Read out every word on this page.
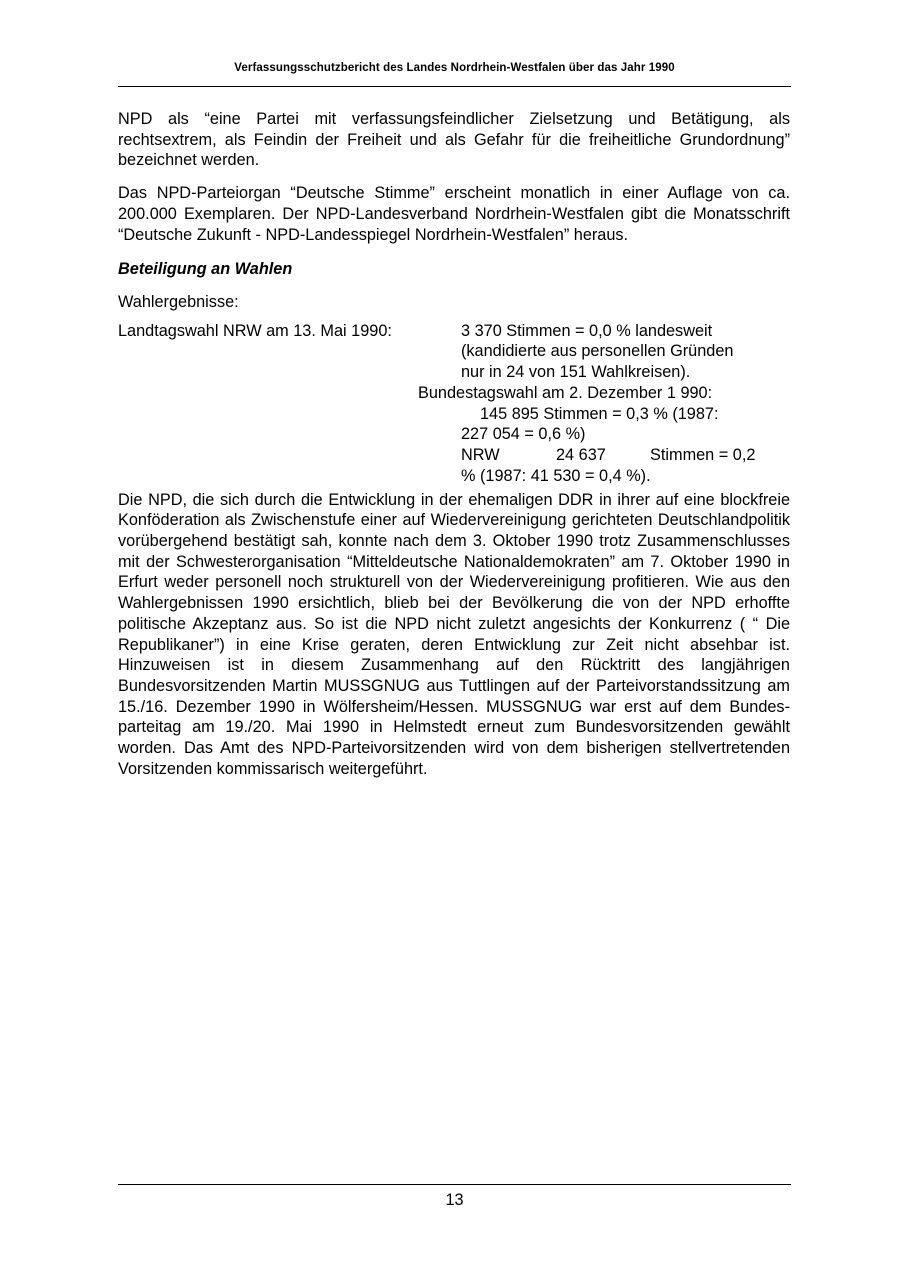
Verfassungsschutzbericht des Landes Nordrhein-Westfalen über das Jahr 1990

NPD als “eine Partei mit verfassungsfeindlicher Zielsetzung und Betätigung, als rechtsextrem, als Feindin der Freiheit und als Gefahr für die freiheitliche Grundordnung” bezeichnet werden.

Das NPD-Parteiorgan “Deutsche Stimme” erscheint monatlich in einer Auflage von ca. 200.000 Exemplaren. Der NPD-Landesverband Nordrhein-Westfalen gibt die Monatsschrift “Deutsche Zukunft - NPD-Landesspiegel Nordrhein-Westfalen” heraus.

Beteiligung an Wahlen

Wahlergebnisse:

Landtagswahl NRW am 13. Mai 1990:	3 370 Stimmen = 0,0 % landesweit
(kandidierte aus personellen Gründen
nur in 24 von 151 Wahlkreisen).
Bundestagswahl am 2. Dezember 1 990:
145 895 Stimmen = 0,3 % (1987:
227 054 = 0,6 %)
NRW	24 637	Stimmen = 0,2
% (1987: 41 530 = 0,4 %).

Die NPD, die sich durch die Entwicklung in der ehemaligen DDR in ihrer auf eine blockfreie Konföderation als Zwischenstufe einer auf Wiedervereinigung gerichteten Deutschlandpolitik vorübergehend bestätigt sah, konnte nach dem 3. Oktober 1990 trotz Zusammenschlusses mit der Schwesterorganisation “Mitteldeutsche Nationaldemokraten” am 7. Oktober 1990 in Erfurt weder personell noch strukturell von der Wiedervereinigung profitieren. Wie aus den Wahlergebnissen 1990 ersichtlich, blieb bei der Bevölkerung die von der NPD erhoffte politische Akzeptanz aus. So ist die NPD nicht zuletzt angesichts der Konkurrenz ( “ Die Republikaner”) in eine Krise geraten, deren Entwicklung zur Zeit nicht absehbar ist. Hinzuweisen ist in diesem Zusammenhang auf den Rücktritt des langjährigen Bundesvorsitzenden Martin MUSSGNUG aus Tuttlingen auf der Parteivorstandssitzung am 15./16. Dezember 1990 in Wölfersheim/Hessen. MUSSGNUG war erst auf dem Bundesparteitag am 19./20. Mai 1990 in Helmstedt erneut zum Bundesvorsitzenden gewählt worden. Das Amt des NPD-Parteivorsitzenden wird von dem bisherigen stellvertretenden Vorsitzenden kommissarisch weitergeführt.

13
